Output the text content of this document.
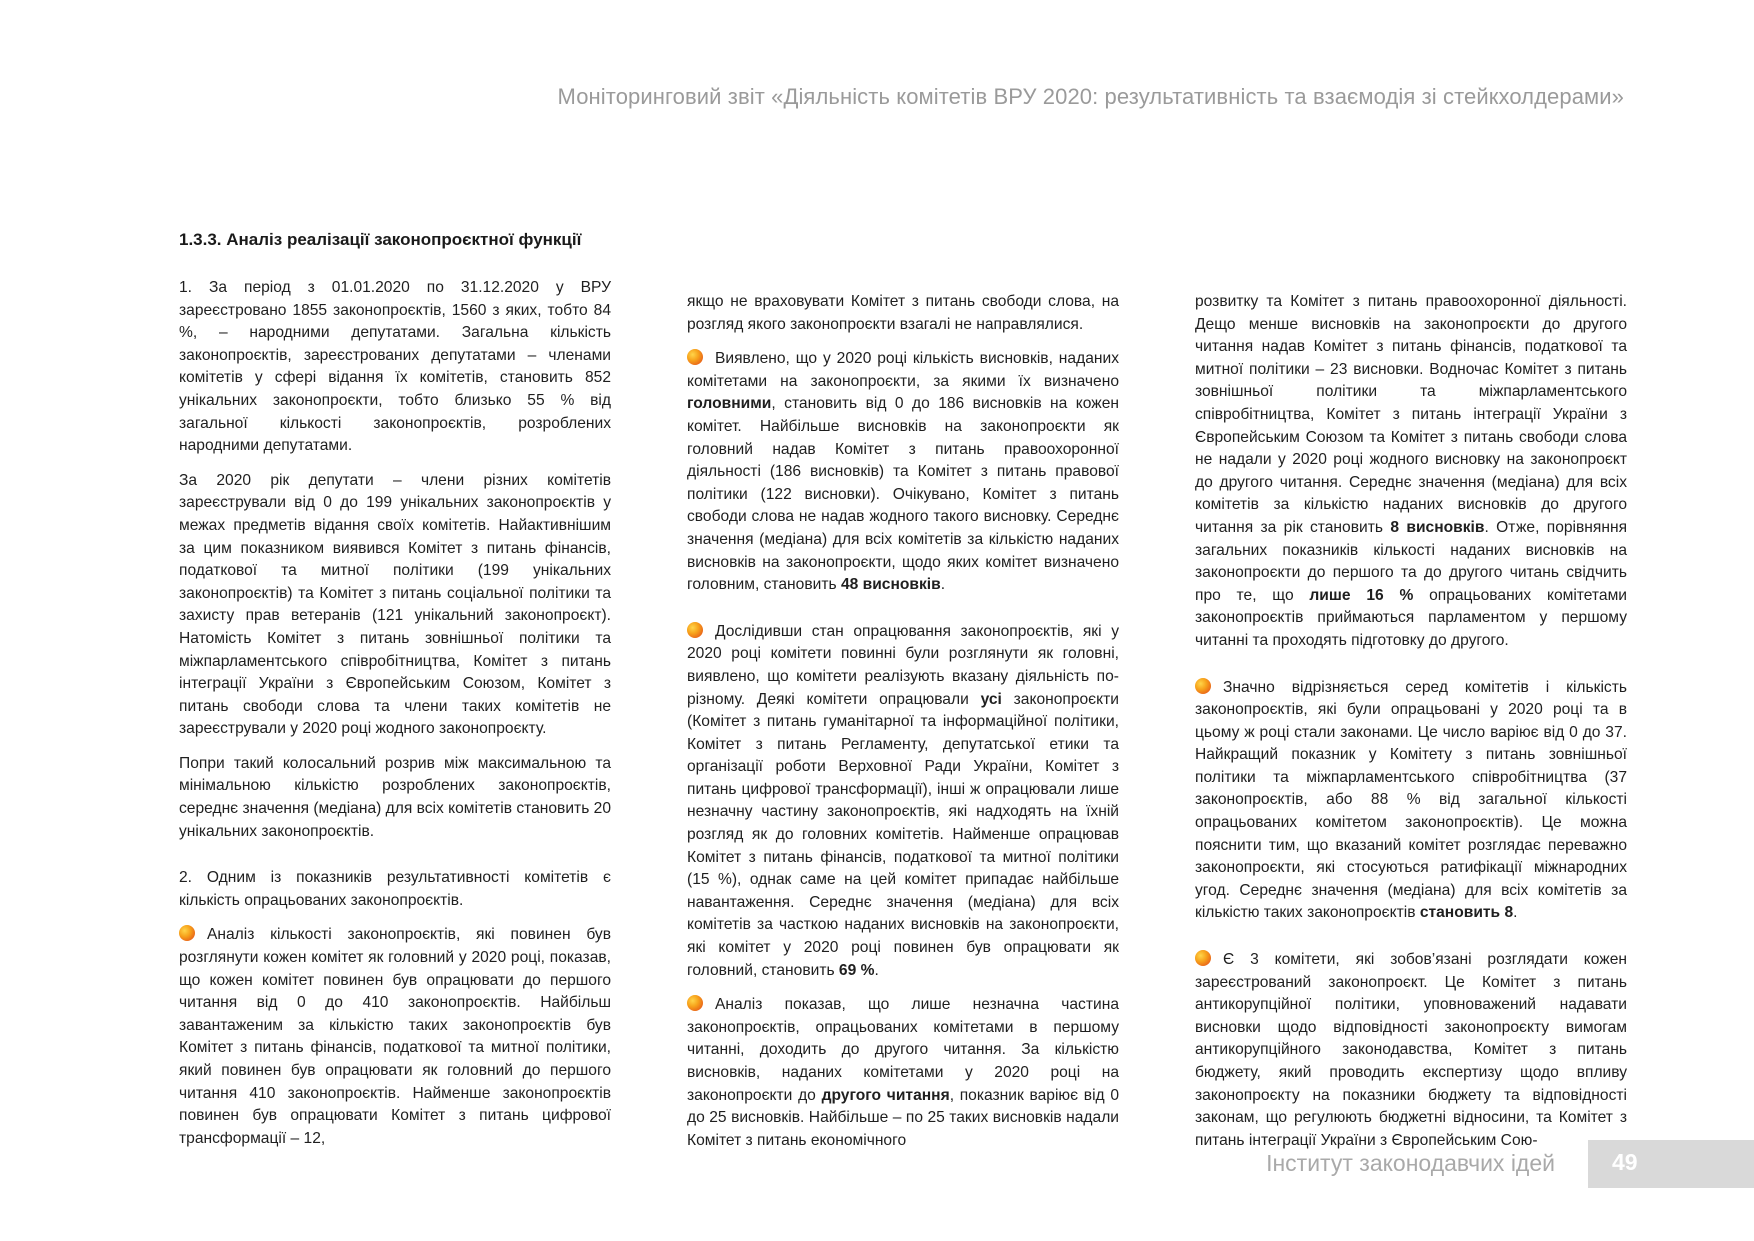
Моніторинговий звіт «Діяльність комітетів ВРУ 2020: результативність та взаємодія зі стейкхолдерами»
1.3.3. Аналіз реалізації законопроєктної функції

1. За період з 01.01.2020 по 31.12.2020 у ВРУ зареєстровано 1855 законопроєктів, 1560 з яких, тобто 84 %, – народними депутатами. Загальна кількість законопроєктів, зареєстрованих депутатами – членами комітетів у сфері відання їх комітетів, становить 852 унікальних законопроєкти, тобто близько 55 % від загальної кількості законопроєктів, розроблених народними депутатами.

За 2020 рік депутати – члени різних комітетів зареєстрували від 0 до 199 унікальних законопроєктів у межах предметів відання своїх комітетів. Найактивнішим за цим показником виявився Комітет з питань фінансів, податкової та митної політики (199 унікальних законопроєктів) та Комітет з питань соціальної політики та захисту прав ветеранів (121 унікальний законопроєкт). Натомість Комітет з питань зовнішньої політики та міжпарламентського співробітництва, Комітет з питань інтеграції України з Європейським Союзом, Комітет з питань свободи слова та члени таких комітетів не зареєстрували у 2020 році жодного законопроєкту.

Попри такий колосальний розрив між максимальною та мінімальною кількістю розроблених законопроєктів, середнє значення (медіана) для всіх комітетів становить 20 унікальних законопроєктів.

2. Одним із показників результативності комітетів є кількість опрацьованих законопроєктів.

Аналіз кількості законопроєктів, які повинен був розглянути кожен комітет як головний у 2020 році, показав, що кожен комітет повинен був опрацювати до першого читання від 0 до 410 законопроєктів. Найбільш завантаженим за кількістю таких законопроєктів був Комітет з питань фінансів, податкової та митної політики, який повинен був опрацювати як головний до першого читання 410 законопроєктів. Найменше законопроєктів повинен був опрацювати Комітет з питань цифрової трансформації – 12,

якщо не враховувати Комітет з питань свободи слова, на розгляд якого законопроєкти взагалі не направлялися.

Виявлено, що у 2020 році кількість висновків, наданих комітетами на законопроєкти, за якими їх визначено головними, становить від 0 до 186 висновків на кожен комітет. Найбільше висновків на законопроєкти як головний надав Комітет з питань правоохоронної діяльності (186 висновків) та Комітет з питань правової політики (122 висновки). Очікувано, Комітет з питань свободи слова не надав жодного такого висновку. Середнє значення (медіана) для всіх комітетів за кількістю наданих висновків на законопроєкти, щодо яких комітет визначено головним, становить 48 висновків.

Дослідивши стан опрацювання законопроєктів, які у 2020 році комітети повинні були розглянути як головні, виявлено, що комітети реалізують вказану діяльність по-різному. Деякі комітети опрацювали усі законопроєкти (Комітет з питань гуманітарної та інформаційної політики, Комітет з питань Регламенту, депутатської етики та організації роботи Верховної Ради України, Комітет з питань цифрової трансформації), інші ж опрацювали лише незначну частину законопроєктів, які надходять на їхній розгляд як до головних комітетів. Найменше опрацював Комітет з питань фінансів, податкової та митної політики (15 %), однак саме на цей комітет припадає найбільше навантаження. Середнє значення (медіана) для всіх комітетів за часткою наданих висновків на законопроєкти, які комітет у 2020 році повинен був опрацювати як головний, становить 69 %.

Аналіз показав, що лише незначна частина законопроєктів, опрацьованих комітетами в першому читанні, доходить до другого читання. За кількістю висновків, наданих комітетами у 2020 році на законопроєкти до другого читання, показник варіює від 0 до 25 висновків. Найбільше – по 25 таких висновків надали Комітет з питань економічного

розвитку та Комітет з питань правоохоронної діяльності. Дещо менше висновків на законопроєкти до другого читання надав Комітет з питань фінансів, податкової та митної політики – 23 висновки. Водночас Комітет з питань зовнішньої політики та міжпарламентського співробітництва, Комітет з питань інтеграції України з Європейським Союзом та Комітет з питань свободи слова не надали у 2020 році жодного висновку на законопроєкт до другого читання. Середнє значення (медіана) для всіх комітетів за кількістю наданих висновків до другого читання за рік становить 8 висновків. Отже, порівняння загальних показників кількості наданих висновків на законопроєкти до першого та до другого читань свідчить про те, що лише 16 % опрацьованих комітетами законопроєктів приймаються парламентом у першому читанні та проходять підготовку до другого.

Значно відрізняється серед комітетів і кількість законопроєктів, які були опрацьовані у 2020 році та в цьому ж році стали законами. Це число варіює від 0 до 37. Найкращий показник у Комітету з питань зовнішньої політики та міжпарламентського співробітництва (37 законопроєктів, або 88 % від загальної кількості опрацьованих комітетом законопроєктів). Це можна пояснити тим, що вказаний комітет розглядає переважно законопроєкти, які стосуються ратифікації міжнародних угод. Середнє значення (медіана) для всіх комітетів за кількістю таких законопроєктів становить 8.

Є 3 комітети, які зобов’язані розглядати кожен зареєстрований законопроєкт. Це Комітет з питань антикорупційної політики, уповноважений надавати висновки щодо відповідності законопроєкту вимогам антикорупційного законодавства, Комітет з питань бюджету, який проводить експертизу щодо впливу законопроєкту на показники бюджету та відповідності законам, що регулюють бюджетні відносини, та Комітет з питань інтеграції України з Європейським Сою-

Інститут законодавчих ідей 49
